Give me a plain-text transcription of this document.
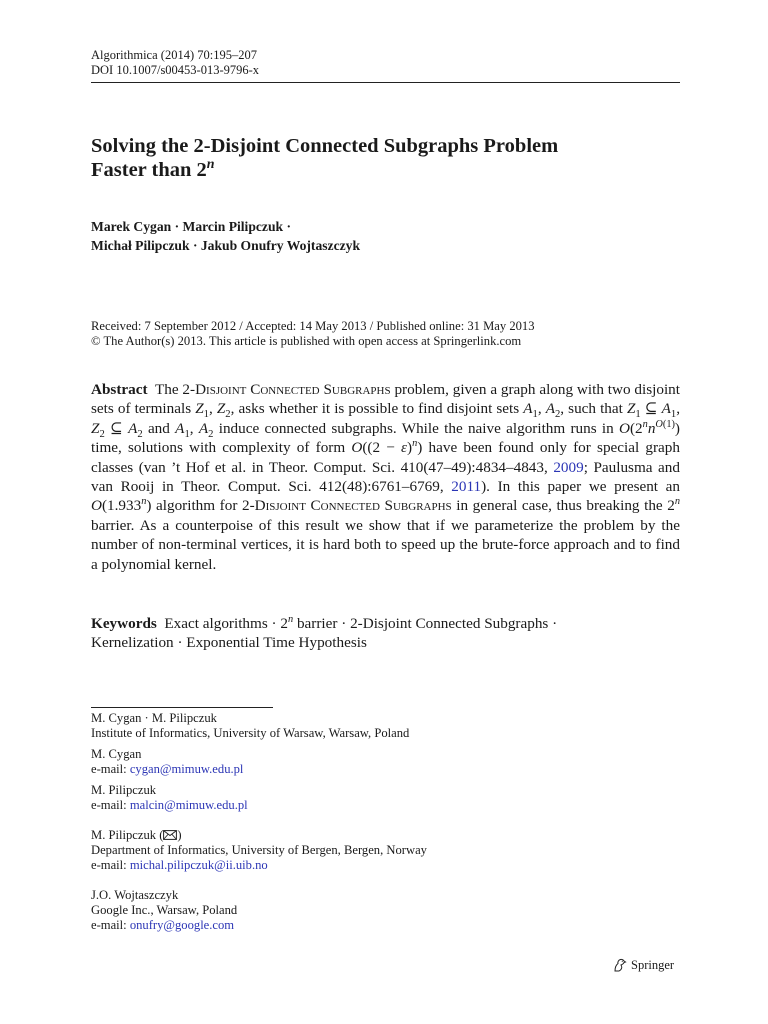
Algorithmica (2014) 70:195–207
DOI 10.1007/s00453-013-9796-x
Solving the 2-Disjoint Connected Subgraphs Problem
Faster than 2$^n$
Marek Cygan · Marcin Pilipczuk ·
Michał Pilipczuk · Jakub Onufry Wojtaszczyk
Received: 7 September 2012 / Accepted: 14 May 2013 / Published online: 31 May 2013
© The Author(s) 2013. This article is published with open access at Springerlink.com

Abstract  The 2-Disjoint Connected Subgraphs problem, given a graph along with two disjoint sets of terminals $Z_1$, $Z_2$, asks whether it is possible to find disjoint sets $A_1$, $A_2$, such that $Z_1$ ⊆ $A_1$, $Z_2$ ⊆ $A_2$ and $A_1$, $A_2$ induce connected subgraphs. While the naive algorithm runs in $O(2^nn^{O(1)})$ time, solutions with complexity of form $O((2 - \varepsilon)^n)$ have been found only for special graph classes (van ’t Hof et al. in Theor. Comput. Sci. 410(47–49):4834–4843, 2009; Paulusma and van Rooij in Theor. Comput. Sci. 412(48):6761–6769, 2011). In this paper we present an O(1.933$^n$) algorithm for 2-Disjoint Connected Subgraphs in general case, thus breaking the 2$^n$ barrier. As a counterpoise of this result we show that if we parameterize the problem by the number of non-terminal vertices, it is hard both to speed up the brute-force approach and to find a polynomial kernel.

Keywords Exact algorithms · $2^n$ barrier · 2-Disjoint Connected Subgraphs ·
Kernelization · Exponential Time Hypothesis
M. Cygan · M. Pilipczuk
Institute of Informatics, University of Warsaw, Warsaw, Poland
M. Cygan
e-mail: cygan@mimuw.edu.pl
M. Pilipczuk
e-mail: malcin@mimuw.edu.pl
M. Pilipczuk ( )
Department of Informatics, University of Bergen, Bergen, Norway
e-mail: michal.pilipczuk@ii.uib.no
J.O. Wojtaszczyk
Google Inc., Warsaw, Poland
e-mail: onufry@google.com
Springer
